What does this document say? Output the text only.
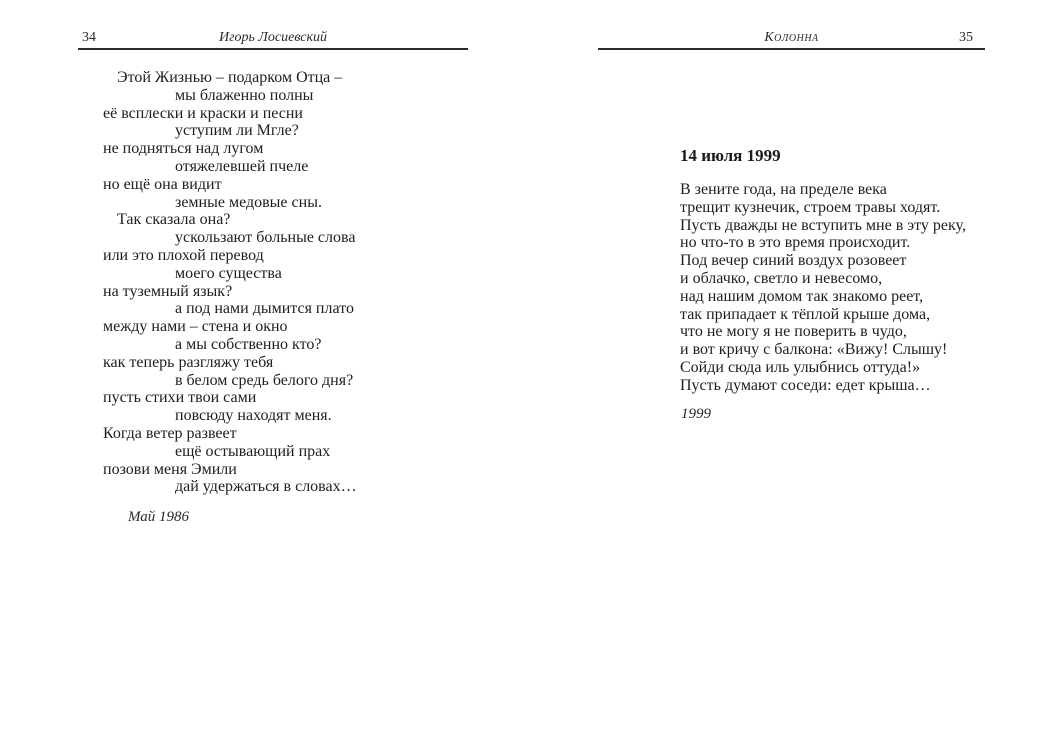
34	Игорь Лосиевский
Этой Жизнью – подарком Отца –
мы блаженно полны
её всплески и краски и песни
уступим ли Мгле?
не подняться над лугом
отяжелевшей пчеле
но ещё она видит
земные медовые сны.
Так сказала она?
ускользают больные слова
или это плохой перевод
моего существа
на туземный язык?
а под нами дымится плато
между нами – стена и окно
а мы собственно кто?
как теперь разгляжу тебя
в белом средь белого дня?
пусть стихи твои сами
повсюду находят меня.
Когда ветер развеет
ещё остывающий прах
позови меня Эмили
дай удержаться в словах…
Май 1986
Колонна	35
14 июля 1999
В зените года, на пределе века
трещит кузнечик, строем травы ходят.
Пусть дважды не вступить мне в эту реку,
но что-то в это время происходит.
Под вечер синий воздух розовеет
и облачко, светло и невесомо,
над нашим домом так знакомо реет,
так припадает к тёплой крыше дома,
что не могу я не поверить в чудо,
и вот кричу с балкона: «Вижу! Слышу!
Сойди сюда иль улыбнись оттуда!»
Пусть думают соседи: едет крыша…
1999
